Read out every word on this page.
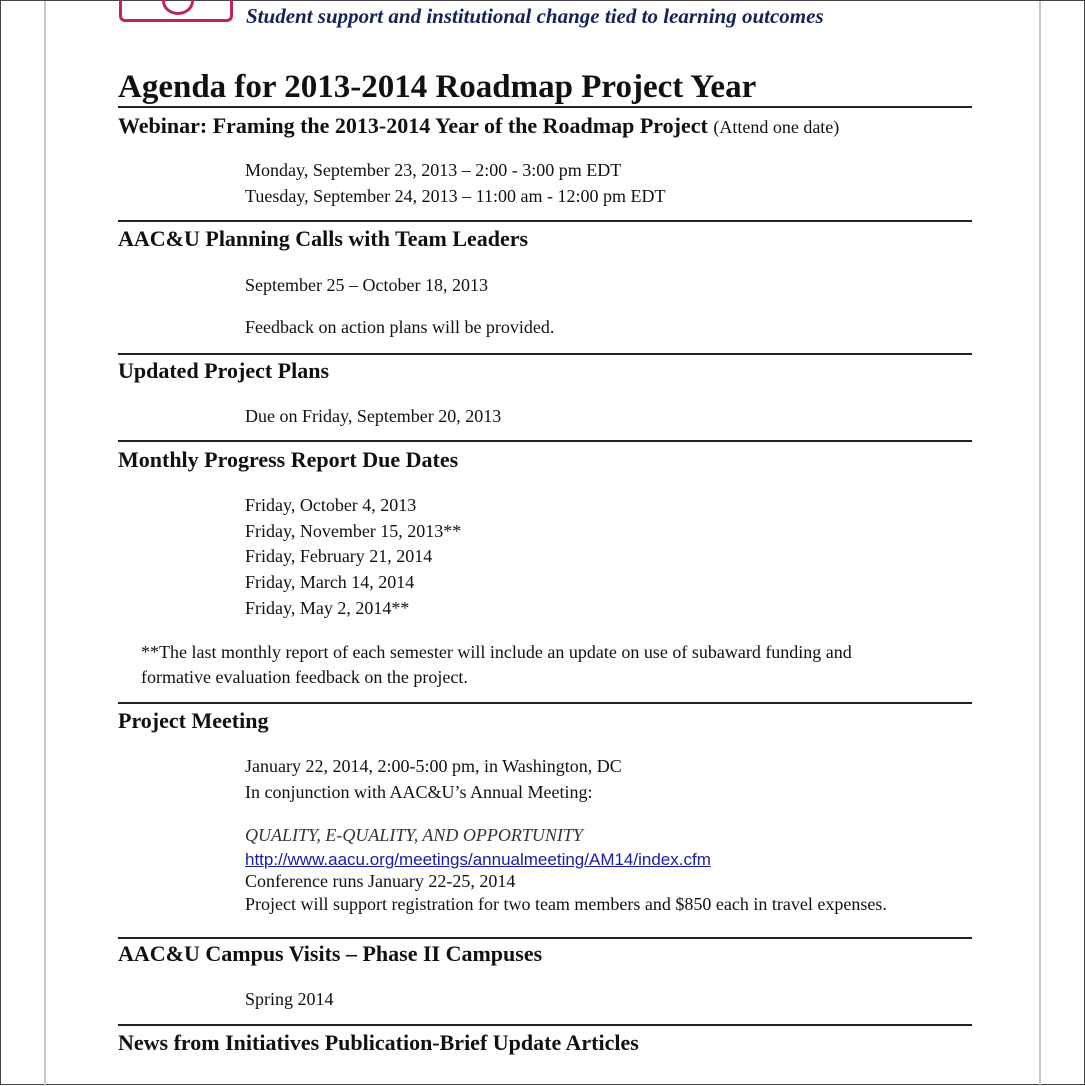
Student support and institutional change tied to learning outcomes
Agenda for 2013-2014 Roadmap Project Year
Webinar: Framing the 2013-2014 Year of the Roadmap Project (Attend one date)
Monday, September 23, 2013 – 2:00 - 3:00 pm EDT
Tuesday, September 24, 2013 – 11:00 am - 12:00 pm EDT
AAC&U Planning Calls with Team Leaders
September 25 – October 18, 2013
Feedback on action plans will be provided.
Updated Project Plans
Due on Friday, September 20, 2013
Monthly Progress Report Due Dates
Friday, October 4, 2013
Friday, November 15, 2013**
Friday, February 21, 2014
Friday, March 14, 2014
Friday, May 2, 2014**
**The last monthly report of each semester will include an update on use of subaward funding and
formative evaluation feedback on the project.
Project Meeting
January 22, 2014, 2:00-5:00 pm, in Washington, DC
In conjunction with AAC&U’s Annual Meeting:
QUALITY, E-QUALITY, AND OPPORTUNITY
http://www.aacu.org/meetings/annualmeeting/AM14/index.cfm
Conference runs January 22-25, 2014
Project will support registration for two team members and $850 each in travel expenses.
AAC&U Campus Visits – Phase II Campuses
Spring 2014
News from Initiatives Publication-Brief Update Articles
